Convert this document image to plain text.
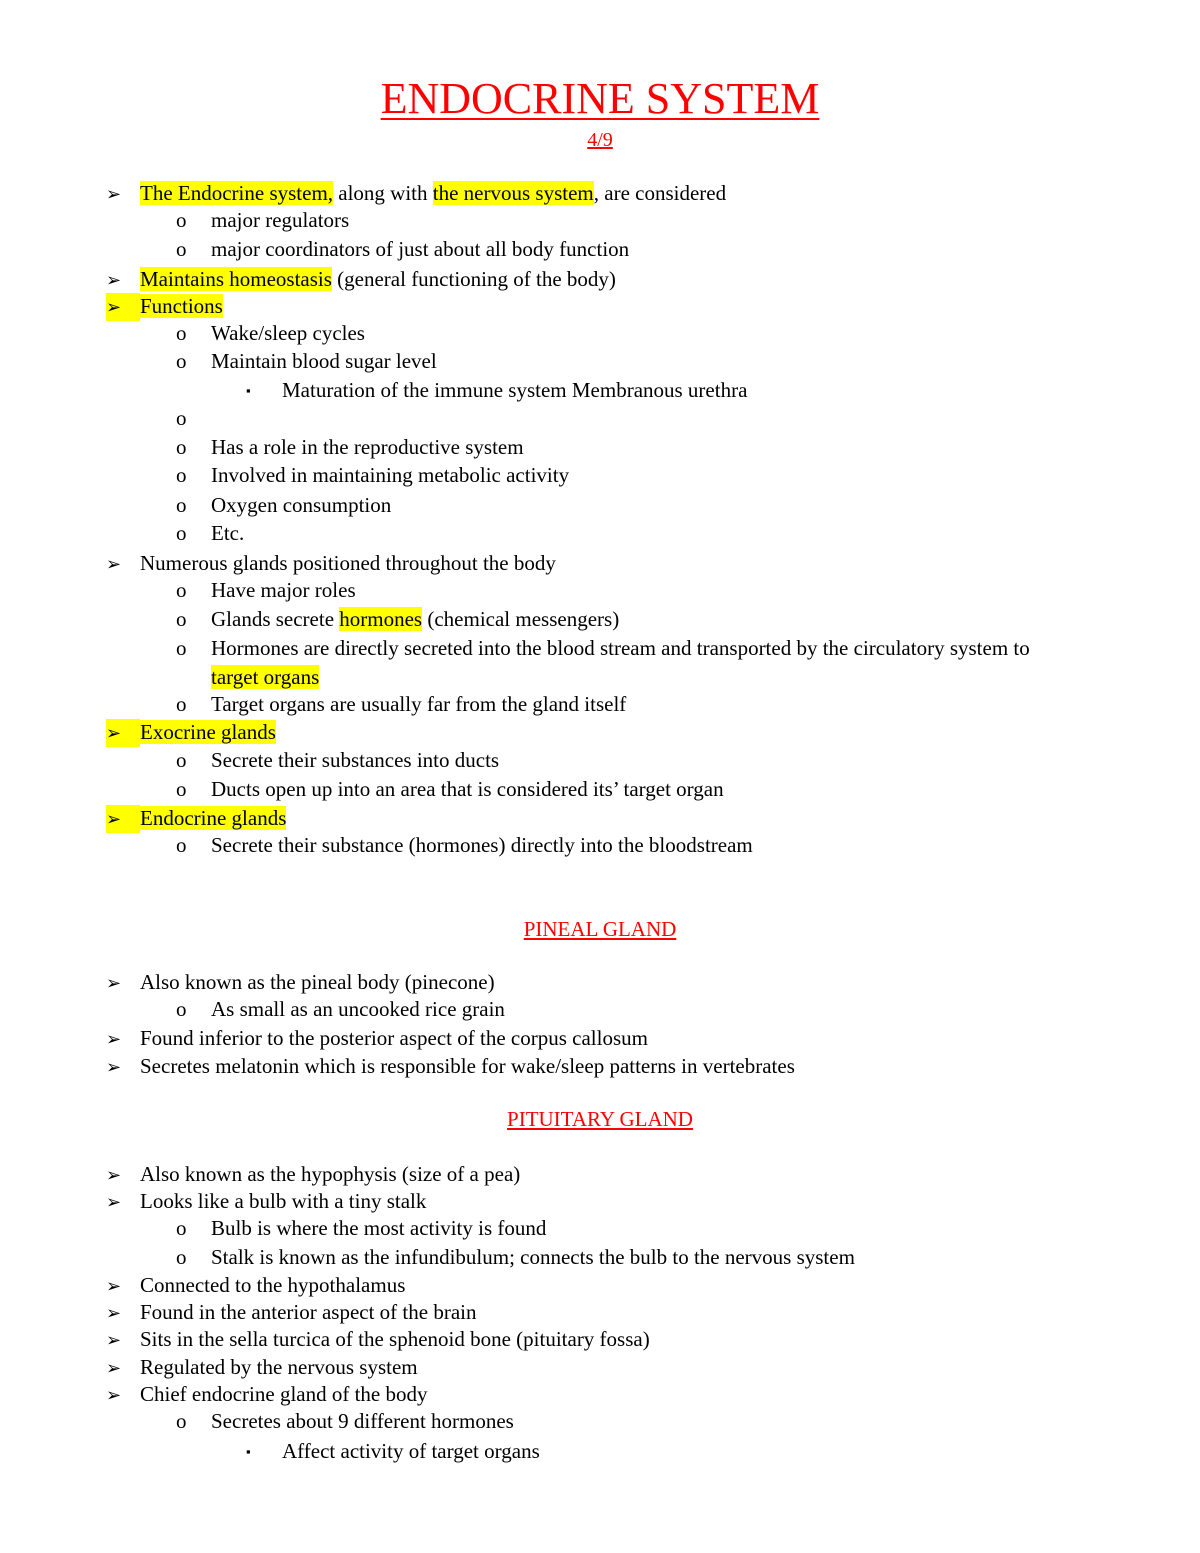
ENDOCRINE SYSTEM
4/9
➢ The Endocrine system, along with the nervous system, are considered
o major regulators
o major coordinators of just about all body function
➢ Maintains homeostasis (general functioning of the body)
➢ Functions
o Wake/sleep cycles
o Maintain blood sugar level
▪ Maturation of the immune system Membranous urethra
o
o Has a role in the reproductive system
o Involved in maintaining metabolic activity
o Oxygen consumption
o Etc.
➢ Numerous glands positioned throughout the body
o Have major roles
o Glands secrete hormones (chemical messengers)
o Hormones are directly secreted into the blood stream and transported by the circulatory system to
target organs
o Target organs are usually far from the gland itself
➢ Exocrine glands
o Secrete their substances into ducts
o Ducts open up into an area that is considered its’ target organ
➢ Endocrine glands
o Secrete their substance (hormones) directly into the bloodstream
PINEAL GLAND
➢ Also known as the pineal body (pinecone)
o As small as an uncooked rice grain
➢ Found inferior to the posterior aspect of the corpus callosum
➢ Secretes melatonin which is responsible for wake/sleep patterns in vertebrates
PITUITARY GLAND
➢ Also known as the hypophysis (size of a pea)
➢ Looks like a bulb with a tiny stalk
o Bulb is where the most activity is found
o Stalk is known as the infundibulum; connects the bulb to the nervous system
➢ Connected to the hypothalamus
➢ Found in the anterior aspect of the brain
➢ Sits in the sella turcica of the sphenoid bone (pituitary fossa)
➢ Regulated by the nervous system
➢ Chief endocrine gland of the body
o Secretes about 9 different hormones
▪ Affect activity of target organs
